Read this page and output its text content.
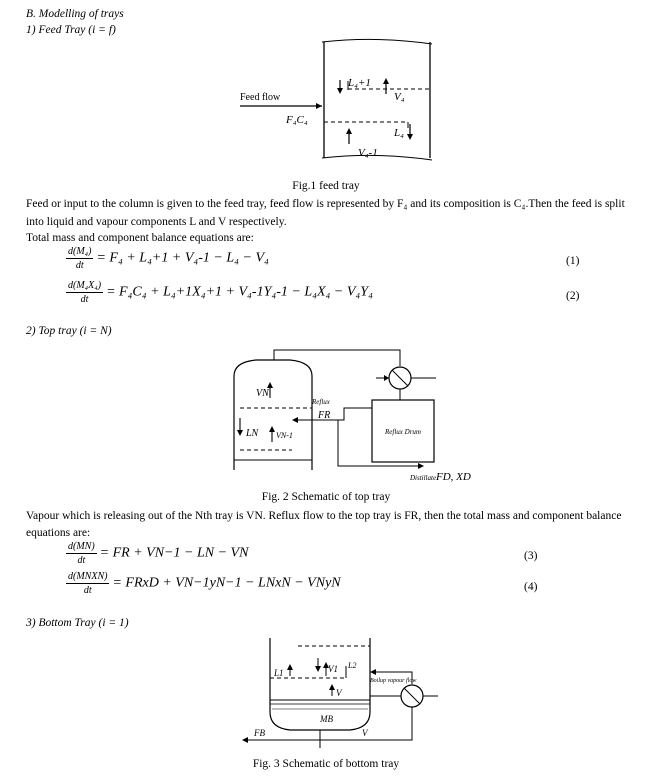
B. Modelling of trays
1) Feed Tray (i = f)
Feed flow
F₄C₄
L₄+1
V₄
L₄
V₄-1
Fig.1 feed tray
Feed or input to the column is given to the feed tray, feed flow is represented by F₄ and its composition is C₄.Then the feed is split
into liquid and vapour components L and V respectively.
Total mass and component balance equations are:
$\frac{\text{d(M₄)}}{dt} = F_4 + L_4+1 + V_4-1 - L_4 - V_4$	(1)
$\frac{\text{d(M₄X₄)}}{dt} = F_4C_4 + L_4+1X_4+1 + V_4-1Y_4-1 - L_4X_4 - V_4Y_4$	(2)
2) Top tray (i = N)
VN
Reflux
FR
LN VN-1	Reflux Drum
Distillate FD, XD
Fig. 2 Schematic of top tray
Vapour which is releasing out of the Nth tray is VN. Reflux flow to the top tray is FR, then the total mass and component balance
equations are:
$\frac{d(MN)}{dt}$ = FR + VN−1 − LN − VN	(3)
$\frac{\text{d(MNXN)}}{dt}$ = FRxD + VN−1yN−1 − LNxN − VNyN	(4)
3) Bottom Tray (i = 1)
L1	V1 L2
Boilup vapour flow
V
MB
FB	V
Fig. 3 Schematic of bottom tray
